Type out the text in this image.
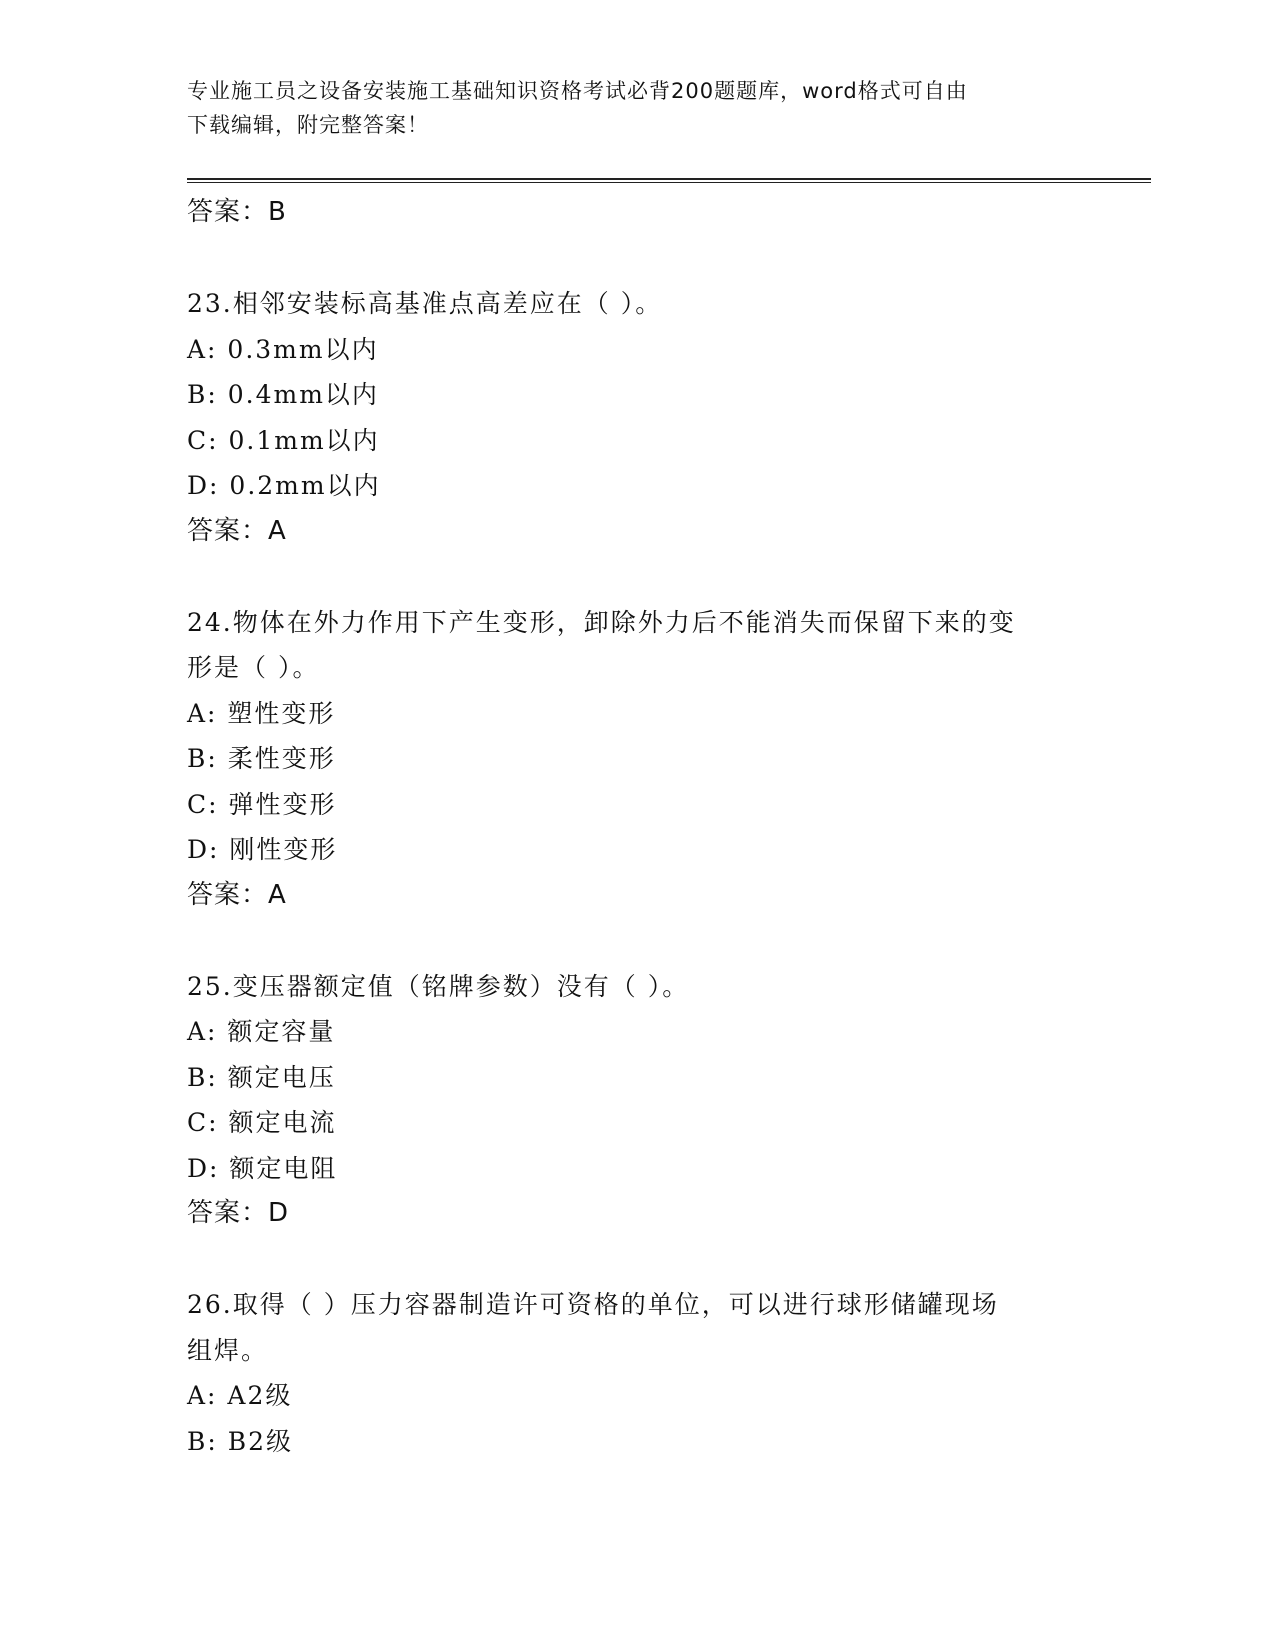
专业施工员之设备安装施工基础知识资格考试必背200题题库，word格式可自由
下载编辑，附完整答案！
答案：B
23.相邻安装标高基准点高差应在（ ）。
A: 0.3mm以内
B: 0.4mm以内
C: 0.1mm以内
D: 0.2mm以内
答案：A
24.物体在外力作用下产生变形，卸除外力后不能消失而保留下来的变
形是（ ）。
A: 塑性变形
B: 柔性变形
C: 弹性变形
D: 刚性变形
答案：A
25.变压器额定值（铭牌参数）没有（ ）。
A: 额定容量
B: 额定电压
C: 额定电流
D: 额定电阻
答案：D
26.取得（ ）压力容器制造许可资格的单位，可以进行球形储罐现场
组焊。
A: A2级
B: B2级
